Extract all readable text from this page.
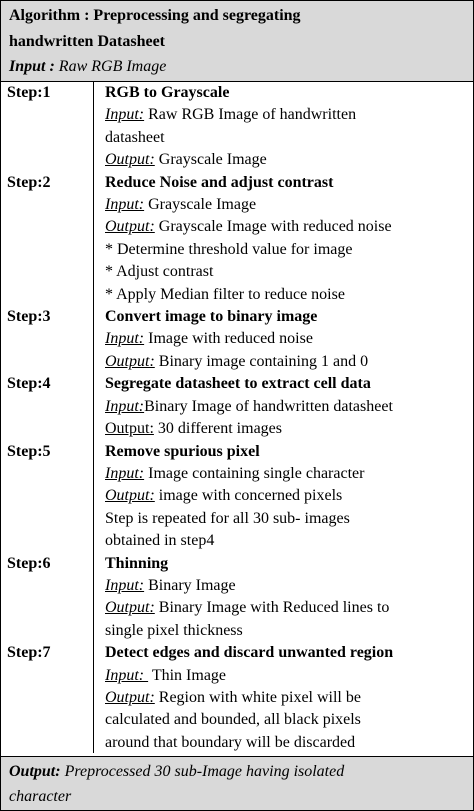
Algorithm : Preprocessing and segregating
handwritten Datasheet
Input : Raw RGB Image
Step:1	RGB to Grayscale
Input: Raw RGB Image of handwritten
datasheet
Output: Grayscale Image
Step:2	Reduce Noise and adjust contrast
Input: Grayscale Image
Output: Grayscale Image with reduced noise
* Determine threshold value for image
* Adjust contrast
* Apply Median filter to reduce noise
Step:3	Convert image to binary image
Input: Image with reduced noise
Output: Binary image containing 1 and 0
Step:4	Segregate datasheet to extract cell data
Input:Binary Image of handwritten datasheet
Output: 30 different images
Step:5	Remove spurious pixel
Input: Image containing single character
Output: image with concerned pixels
Step is repeated for all 30 sub- images
obtained in step4
Step:6	Thinning
Input: Binary Image
Output: Binary Image with Reduced lines to
single pixel thickness
Step:7	Detect edges and discard unwanted region
Input:  Thin Image
Output: Region with white pixel will be
calculated and bounded, all black pixels
around that boundary will be discarded
Output: Preprocessed 30 sub-Image having isolated
character
